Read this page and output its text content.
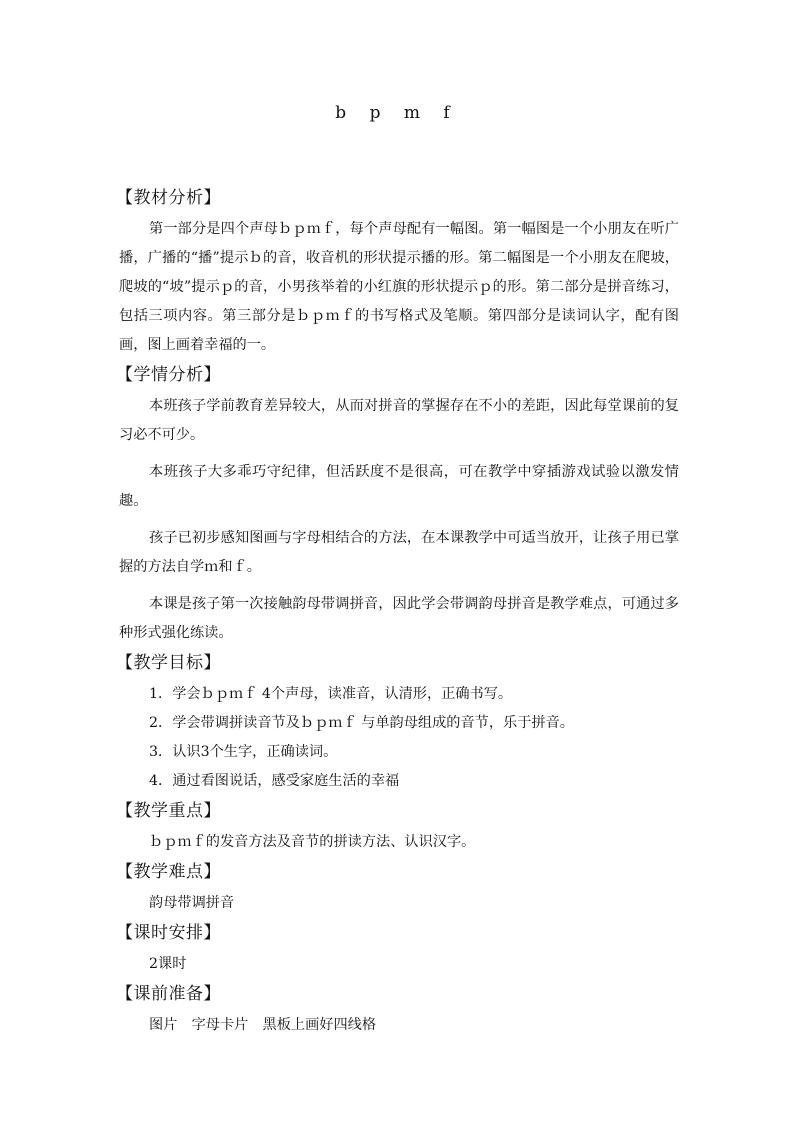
b p m f
【教材分析】

第一部分是四个声母ｂｐｍｆ，每个声母配有一幅图。第一幅图是一个小朋友在听广播，广播的“播”提示ｂ的音，收音机的形状提示播的形。第二幅图是一个小朋友在爬坡，爬坡的“坡”提示ｐ的音，小男孩举着的小红旗的形状提示ｐ的形。第二部分是拼音练习，包括三项内容。第三部分是ｂｐｍｆ的书写格式及笔顺。第四部分是读词认字，配有图画，图上画着幸福的一。

【学情分析】

本班孩子学前教育差异较大，从而对拼音的掌握存在不小的差距，因此每堂课前的复习必不可少。

本班孩子大多乖巧守纪律，但活跃度不是很高，可在教学中穿插游戏试验以激发情趣。

孩子已初步感知图画与字母相结合的方法，在本课教学中可适当放开，让孩子用已掌握的方法自学ｍ和ｆ。

本课是孩子第一次接触韵母带调拼音，因此学会带调韵母拼音是教学难点，可通过多种形式强化练读。

【教学目标】

1．学会ｂｐｍｆ 4个声母，读准音，认清形，正确书写。

2．学会带调拼读音节及ｂｐｍｆ 与单韵母组成的音节，乐于拼音。

3．认识3个生字，正确读词。

4．通过看图说话，感受家庭生活的幸福

【教学重点】

ｂｐｍｆ的发音方法及音节的拼读方法、认识汉字。

【教学难点】

韵母带调拼音

【课时安排】

2课时

【课前准备】

图片　字母卡片　黑板上画好四线格
